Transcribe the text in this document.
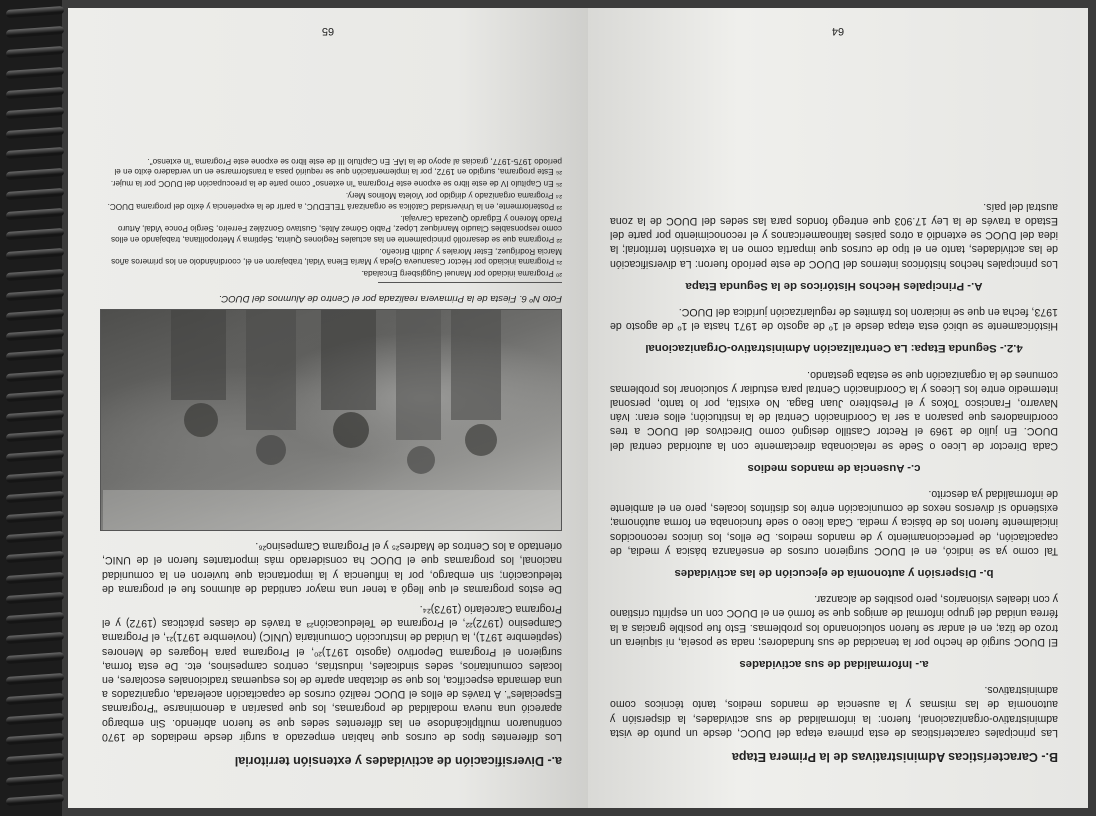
B.- Características Administrativas de la Primera Etapa

Las principales características de esta primera etapa del DUOC, desde un punto de vista administrativo-organizacional, fueron: la informalidad de sus actividades, la dispersión y autonomía de las mismas y la ausencia de mandos medios, tanto técnicos como administrativos.

a.- Informalidad de sus actividades

El DUOC surgió de hecho por la tenacidad de sus fundadores; nada se poseía, ni siquiera un trozo de tiza; en el andar se fueron solucionando los problemas. Esto fue posible gracias a la férrea unidad del grupo informal de amigos que se formó en el DUOC con un espíritu cristiano y con ideales visionarios, pero posibles de alcanzar.

b.- Dispersión y autonomía de ejecución de las actividades

Tal como ya se indicó, en el DUOC surgieron cursos de enseñanza básica y media, de capacitación, de perfeccionamiento y de mandos medios. De ellos, los únicos reconocidos inicialmente fueron los de básica y media. Cada liceo o sede funcionaba en forma autónoma; existiendo sí diversos nexos de comunicación entre los distintos locales, pero en el ambiente de informalidad ya descrito.

c.- Ausencia de mandos medios

Cada Director de Liceo o Sede se relacionaba directamente con la autoridad central del DUOC. En julio de 1969 el Rector Castillo designó como Directivos del DUOC a tres coordinadores que pasaron a ser la Coordinación Central de la institución; ellos eran: Iván Navarro, Francisco Tokos y el Presbítero Juan Baga. No existía, por lo tanto, personal intermedio entre los Liceos y la Coordinación Central para estudiar y solucionar los problemas comunes de la organización que se estaba gestando.

4.2.- Segunda Etapa: La Centralización Administrativo-Organizacional

Históricamente se ubicó esta etapa desde el 1º de agosto de 1971 hasta el 1º de agosto de 1973, fecha en que se iniciaron los trámites de regularización jurídica del DUOC.

A.- Principales Hechos Históricos de la Segunda Etapa

Los principales hechos históricos internos del DUOC de este período fueron: La diversificación de las actividades, tanto en el tipo de cursos que impartía como en la extensión territorial; la idea del DUOC se extendió a otros países latinoamericanos y el reconocimiento por parte del Estado a través de la Ley 17.903 que entregó fondos para las sedes del DUOC de la zona austral del país.

64
a.- Diversificación de actividades y extensión territorial

Los diferentes tipos de cursos que habían empezado a surgir desde mediados de 1970 continuaron multiplicándose en las diferentes sedes que se fueron abriendo. Sin embargo apareció una nueva modalidad de programas, los que pasarían a denominarse "Programas Especiales". A través de ellos el DUOC realizó cursos de capacitación acelerada, organizados a una demanda específica, los que se dictaban aparte de los esquemas tradicionales escolares, en locales comunitarios, sedes sindicales, industrias, centros campesinos, etc. De esta forma, surgieron el Programa Deportivo (agosto 1971)²⁰, el Programa para Hogares de Menores (septiembre 1971), la Unidad de Instrucción Comunitaria (UNIC) (noviembre 1971)²¹, el Programa Campesino (1972)²², el Programa de Teleducación²³ a través de clases prácticas (1972) y el Programa Carcelario (1973)²⁴.

De estos programas el que llegó a tener una mayor cantidad de alumnos fue el programa de teleducación; sin embargo, por la influencia y la importancia que tuvieron en la comunidad nacional, los programas que el DUOC ha considerado más importantes fueron el de UNIC, orientado a los Centros de Madres²⁵ y el Programa Campesino²⁶.

Foto Nº 6. Fiesta de la Primavera realizada por el Centro de Alumnos del DUOC.
²⁰ Programa iniciado por Manuel Guggisberg Encalada.
²¹ Programa iniciado por Héctor Casanueva Ojeda y María Elena Vidal, trabajaron en él, coordinándolo en los primeros años Marcia Rodríguez, Ester Morales y Judith Briceño.
²² Programa que se desarrolló principalmente en las actuales Regiones Quinta, Séptima y Metropolitana, trabajando en ellos como responsables Claudio Manríquez López, Pablo Gómez Altés, Gustavo González Ferreiro, Sergio Ponce Vidal, Arturo Prado Moreno y Edgardo Quezada Carvajal.
²³ Posteriormente, en la Universidad Católica se organizará TELEDUC, a partir de la experiencia y éxito del programa DUOC.
²⁴ Programa organizado y dirigido por Violeta Molinos Mery.
²⁵ En Capítulo IV de este libro se expone este Programa "in extenso" como parte de la preocupación del DUOC por la mujer.
²⁶ Este programa, surgido en 1972, por la implementación que se requirió pasa a transformarse en un verdadero éxito en el período 1975-1977, gracias al apoyo de la IAF. En Capítulo III de este libro se expone este Programa "in extenso".
65
